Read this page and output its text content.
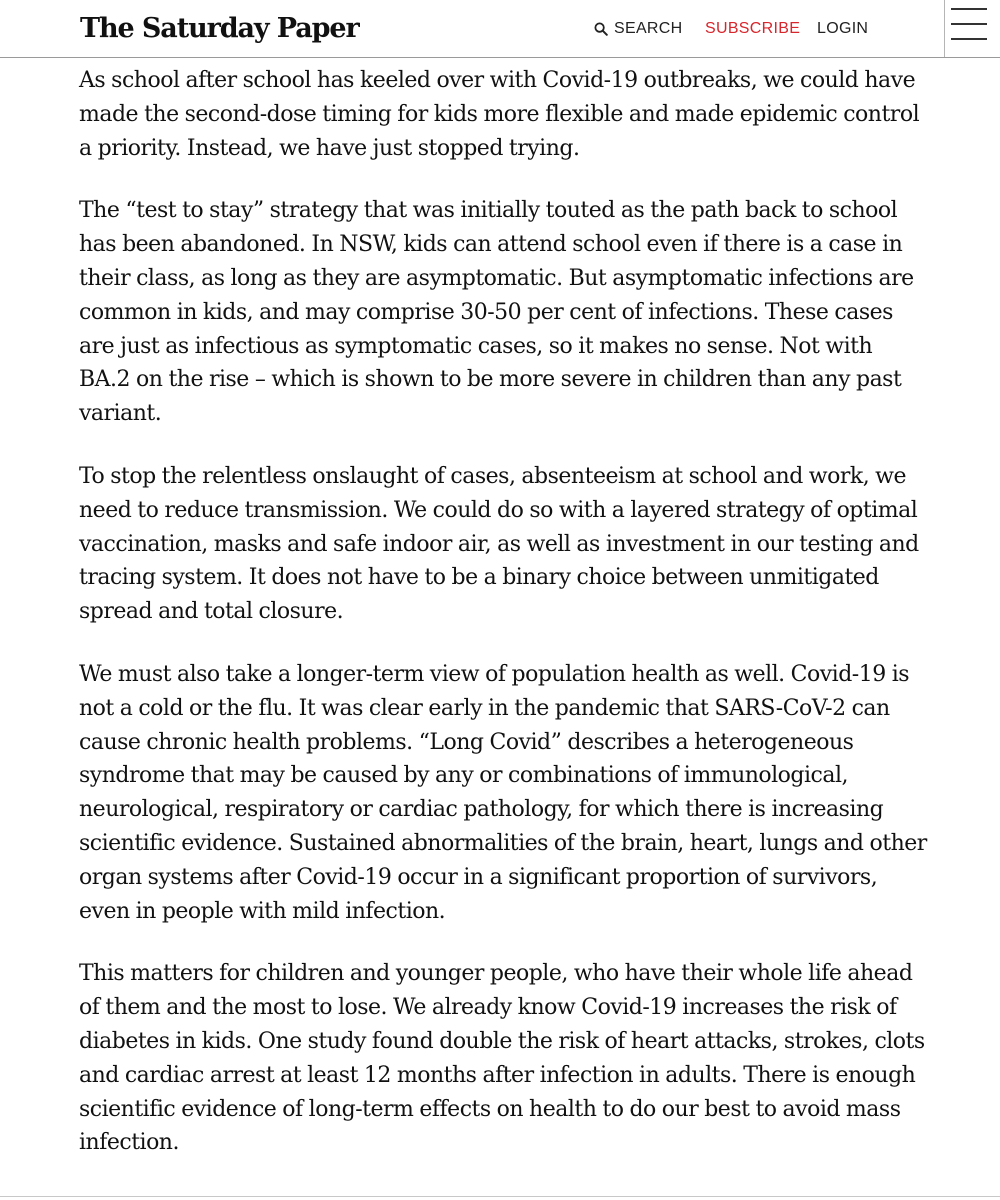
The Saturday Paper	SEARCH SUBSCRIBE LOGIN

As school after school has keeled over with Covid-19 outbreaks, we could have made the second-dose timing for kids more flexible and made epidemic control a priority. Instead, we have just stopped trying.

The “test to stay” strategy that was initially touted as the path back to school has been abandoned. In NSW, kids can attend school even if there is a case in their class, as long as they are asymptomatic. But asymptomatic infections are common in kids, and may comprise 30-50 per cent of infections. These cases are just as infectious as symptomatic cases, so it makes no sense. Not with BA.2 on the rise – which is shown to be more severe in children than any past variant.

To stop the relentless onslaught of cases, absenteeism at school and work, we need to reduce transmission. We could do so with a layered strategy of optimal vaccination, masks and safe indoor air, as well as investment in our testing and tracing system. It does not have to be a binary choice between unmitigated spread and total closure.

We must also take a longer-term view of population health as well. Covid-19 is not a cold or the flu. It was clear early in the pandemic that SARS-CoV-2 can cause chronic health problems. “Long Covid” describes a heterogeneous syndrome that may be caused by any or combinations of immunological, neurological, respiratory or cardiac pathology, for which there is increasing scientific evidence. Sustained abnormalities of the brain, heart, lungs and other organ systems after Covid-19 occur in a significant proportion of survivors, even in people with mild infection.

This matters for children and younger people, who have their whole life ahead of them and the most to lose. We already know Covid-19 increases the risk of diabetes in kids. One study found double the risk of heart attacks, strokes, clots and cardiac arrest at least 12 months after infection in adults. There is enough scientific evidence of long-term effects on health to do our best to avoid mass infection.
